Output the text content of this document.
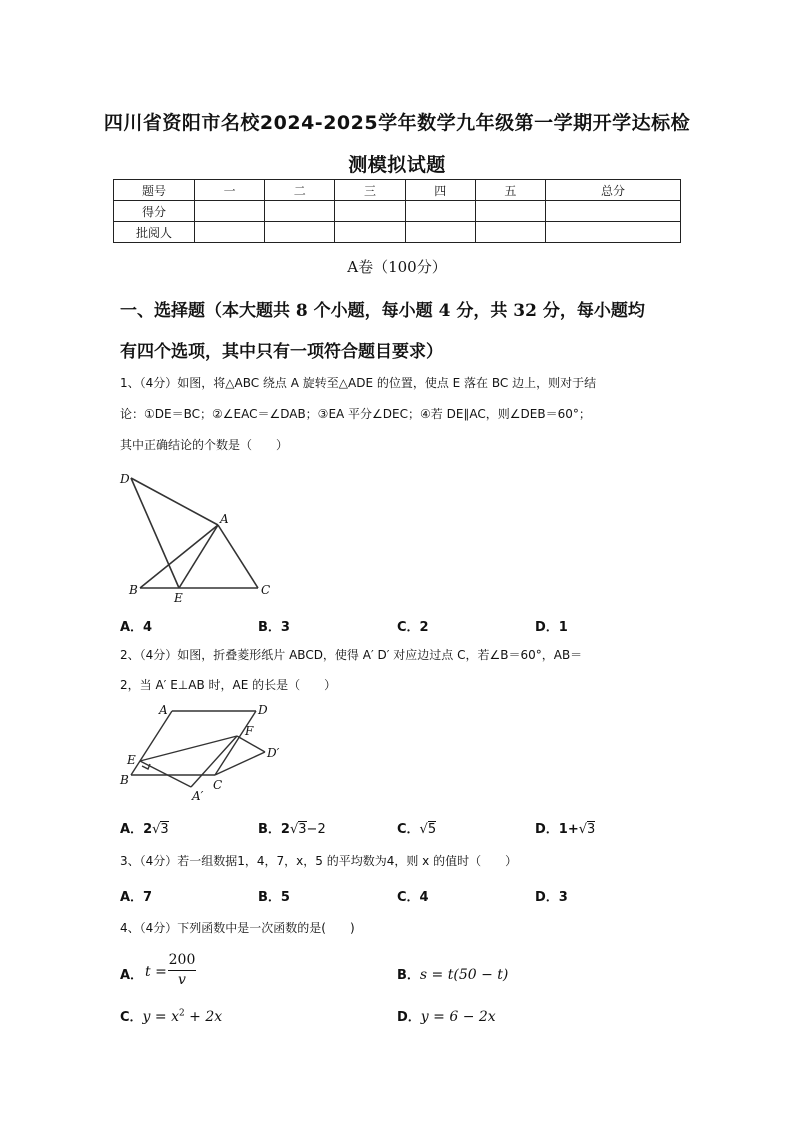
四川省资阳市名校2024-2025学年数学九年级第一学期开学达标检
测模拟试题
题号	一	二	三	四	五	总分
得分						
批阅人						
A卷（100分）
一、选择题（本大题共 8 个小题，每小题 4 分，共 32 分，每小题均
有四个选项，其中只有一项符合题目要求）
1、（4分）如图，将△ABC 绕点 A 旋转至△ADE 的位置，使点 E 落在 BC 边上，则对于结
论：①DE＝BC；②∠EAC＝∠DAB；③EA 平分∠DEC；④若 DE∥AC，则∠DEB＝60°；
其中正确结论的个数是（　　）
D
A
B
E
C
A．4	B．3	C．2	D．1
2、（4分）如图，折叠菱形纸片 ABCD，使得 A′ D′ 对应边过点 C，若∠B＝60°，AB＝
2，当 A′ E⊥AB 时，AE 的长是（　　）
A	D
F
D′
E
B	C
A′
A．2√3	B．2√3−2	C．√5	D．1+√3
3、（4分）若一组数据1，4，7，x，5 的平均数为4，则 x 的值时（　　）
A．7	B．5	C．4	D．3
4、（4分）下列函数中是一次函数的是(　　)
A． t =
200
v	B．s = t(50 − t)
C．$y = x^2 + 2x$	D．y = 6 − 2x
